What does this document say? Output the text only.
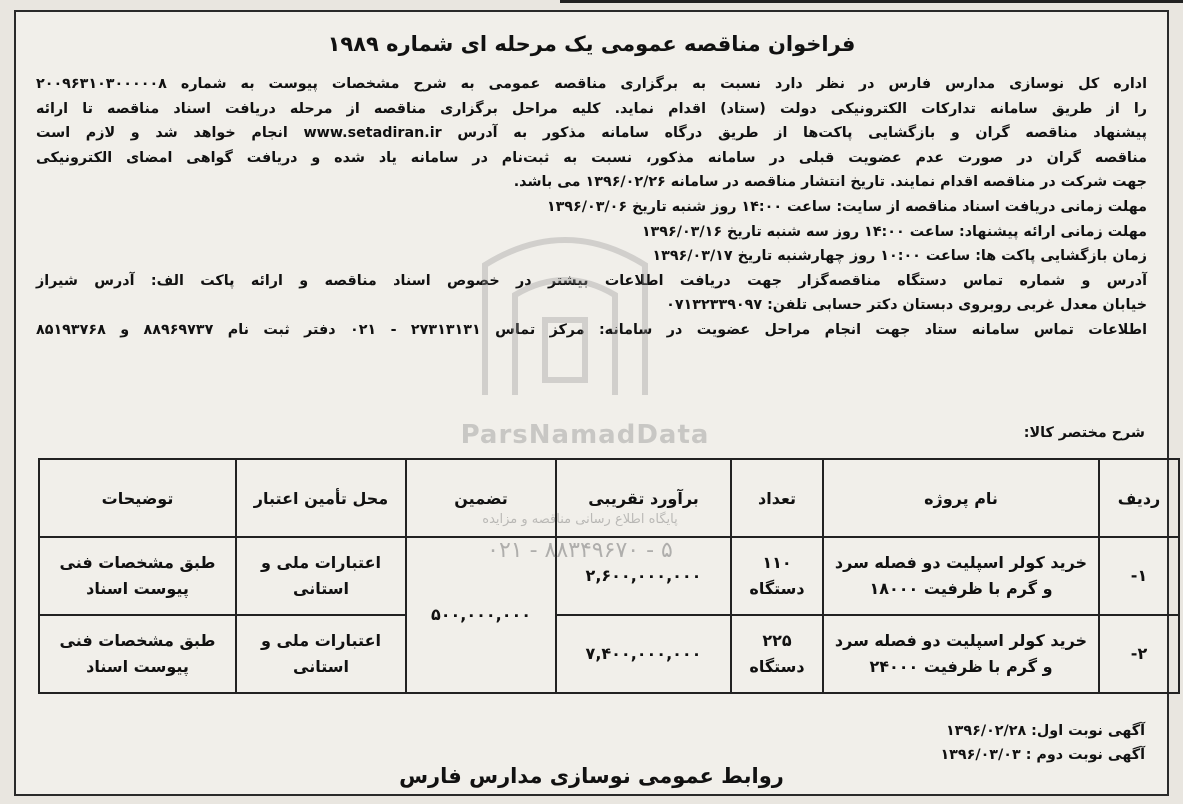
فراخوان مناقصه عمومی یک مرحله ای شماره ۱۹۸۹
اداره کل نوسازی مدارس فارس در نظر دارد نسبت به برگزاری مناقصه عمومی به شرح مشخصات پیوست به شماره ۲۰۰۹۶۳۱۰۳۰۰۰۰۰۸
را از طریق سامانه تدارکات الکترونیکی دولت (ستاد) اقدام نماید. کلیه مراحل برگزاری مناقصه از مرحله دریافت اسناد مناقصه تا ارائه
پیشنهاد مناقصه گران و بازگشایی پاکت‌ها از طریق درگاه سامانه مذکور به آدرس www.setadiran.ir انجام خواهد شد و لازم است
مناقصه گران در صورت عدم عضویت قبلی در سامانه مذکور، نسبت به ثبت‌نام در سامانه یاد شده و دریافت گواهی امضای الکترونیکی
جهت شرکت در مناقصه اقدام نمایند. تاریخ انتشار مناقصه در سامانه ۱۳۹۶/۰۲/۲۶ می باشد.
مهلت زمانی دریافت اسناد مناقصه از سایت: ساعت ۱۴:۰۰ روز شنبه تاریخ ۱۳۹۶/۰۳/۰۶
مهلت زمانی ارائه پیشنهاد: ساعت ۱۴:۰۰ روز سه شنبه تاریخ ۱۳۹۶/۰۳/۱۶
زمان بازگشایی پاکت ها: ساعت ۱۰:۰۰ روز چهارشنبه تاریخ ۱۳۹۶/۰۳/۱۷
آدرس و شماره تماس دستگاه مناقصه‌گزار جهت دریافت اطلاعات بیشتر در خصوص اسناد مناقصه و ارائه پاکت الف: آدرس شیراز
خیابان معدل غربی روبروی دبستان دکتر حسابی تلفن: ۰۷۱۳۲۳۳۹۰۹۷
اطلاعات تماس سامانه ستاد جهت انجام مراحل عضویت در سامانه: مرکز تماس ۲۷۳۱۳۱۳۱ - ۰۲۱ دفتر ثبت نام ۸۸۹۶۹۷۳۷ و ۸۵۱۹۳۷۶۸
شرح مختصر کالا:
ردیف	نام پروژه	تعداد	برآورد تقریبی	تضمین	محل تأمین اعتبار	توضیحات
۱-	خرید کولر اسپلیت دو فصله سرد و گرم با ظرفیت ۱۸۰۰۰	۱۱۰ دستگاه	۲,۶۰۰,۰۰۰,۰۰۰	۵۰۰,۰۰۰,۰۰۰	اعتبارات ملی و استانی	طبق مشخصات فنی پیوست اسناد
۲-	خرید کولر اسپلیت دو فصله سرد و گرم با ظرفیت ۲۴۰۰۰	۲۲۵ دستگاه	۷,۴۰۰,۰۰۰,۰۰۰		اعتبارات ملی و استانی	طبق مشخصات فنی پیوست اسناد
آگهی نوبت اول: ۱۳۹۶/۰۲/۲۸
آگهی نوبت دوم : ۱۳۹۶/۰۳/۰۳
روابط عمومی نوسازی مدارس فارس
ParsNamadData
پایگاه اطلاع رسانی مناقصه و مزایده
۰۲۱ - ۸۸۳۴۹۶۷۰ - ۵
